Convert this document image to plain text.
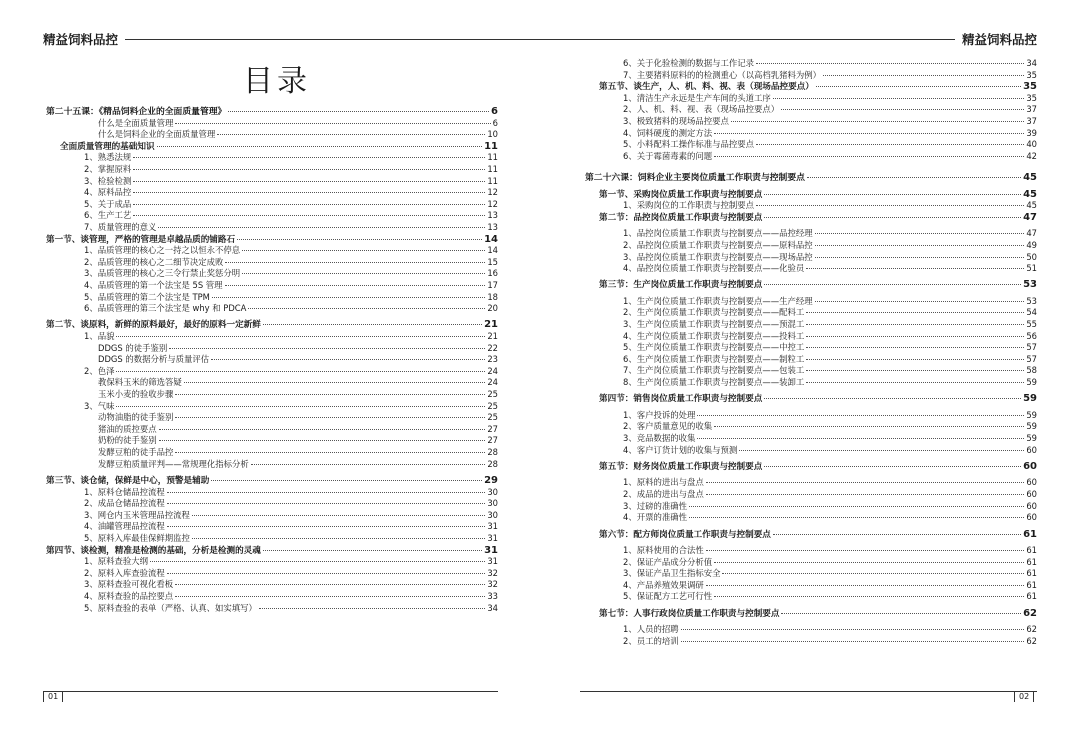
精益饲料品控	精益饲料品控
目录
第二十五课：《精品饲料企业的全面质量管理》	6
什么是全面质量管理	6
什么是饲料企业的全面质量管理	10
全面质量管理的基础知识	11
1、熟悉法规	11
2、掌握原料	11
3、检验检测	11
4、原料品控	12
5、关于成品	12
6、生产工艺	13
7、质量管理的意义	13
第一节、谈管理，严格的管理是卓越品质的铺路石	14
1、品质管理的核心之一持之以恒永不停息	14
2、品质管理的核心之二细节决定成败	15
3、品质管理的核心之三令行禁止奖惩分明	16
4、品质管理的第一个法宝是 5S 管理	17
5、品质管理的第二个法宝是 TPM	18
6、品质管理的第三个法宝是 why 和 PDCA	20
第二节、谈原料，新鲜的原料最好，最好的原料一定新鲜	21
1、品貌	21
DDGS 的徒手鉴别	22
DDGS 的数据分析与质量评估	23
2、色泽	24
教保料玉米的筛选答疑	24
玉米小麦的验收步骤	25
3、气味	25
动物油脂的徒手鉴别	25
猪油的质控要点	27
奶粉的徒手鉴别	27
发酵豆粕的徒手品控	28
发酵豆粕质量评判——常规理化指标分析	28
第三节、谈仓储，保鲜是中心，预警是辅助	29
1、原料仓储品控流程	30
2、成品仓储品控流程	30
3、网仓内玉米管理品控流程	30
4、油罐管理品控流程	31
5、原料入库最佳保鲜期监控	31
第四节、谈检测，精准是检测的基础，分析是检测的灵魂	31
1、原料查验大纲	31
2、原料入库查验流程	32
3、原料查验可视化看板	32
4、原料查验的品控要点	33
5、原料查验的表单（严格、认真、如实填写）	34
6、关于化验检测的数据与工作记录	34
7、主要猪料原料的的检测重心（以高档乳猪料为例）	35
第五节、谈生产，人、机、料、视、表（现场品控要点）	35
1、清洁生产永远是生产车间的头道工序	35
2、人、机、料、视、表（现场品控要点）	37
3、极致猪料的现场品控要点	37
4、饲料硬度的测定方法	39
5、小料配料工操作标准与品控要点	40
6、关于霉菌毒素的问题	42
第二十六课：饲料企业主要岗位质量工作职责与控制要点	45
第一节、采购岗位质量工作职责与控制要点	45
1、采购岗位的工作职责与控制要点	45
第二节：品控岗位质量工作职责与控制要点	47
1、品控岗位质量工作职责与控制要点——品控经理	47
2、品控岗位质量工作职责与控制要点——原料品控	49
3、品控岗位质量工作职责与控制要点——现场品控	50
4、品控岗位质量工作职责与控制要点——化验员	51
第三节：生产岗位质量工作职责与控制要点	53
1、生产岗位质量工作职责与控制要点——生产经理	53
2、生产岗位质量工作职责与控制要点——配料工	54
3、生产岗位质量工作职责与控制要点——预混工	55
4、生产岗位质量工作职责与控制要点——投料工	56
5、生产岗位质量工作职责与控制要点——中控工	57
6、生产岗位质量工作职责与控制要点——制粒工	57
7、生产岗位质量工作职责与控制要点——包装工	58
8、生产岗位质量工作职责与控制要点——装卸工	59
第四节：销售岗位质量工作职责与控制要点	59
1、客户投诉的处理	59
2、客户质量意见的收集	59
3、竞品数据的收集	59
4、客户订货计划的收集与预测	60
第五节：财务岗位质量工作职责与控制要点	60
1、原料的进出与盘点	60
2、成品的进出与盘点	60
3、过磅的准确性	60
4、开票的准确性	60
第六节：配方师岗位质量工作职责与控制要点	61
1、原料使用的合法性	61
2、保证产品成分分析值	61
3、保证产品卫生指标安全	61
4、产品养殖效果调研	61
5、保证配方工艺可行性	61
第七节：人事行政岗位质量工作职责与控制要点	62
1、人员的招聘	62
2、员工的培训	62
01	02
